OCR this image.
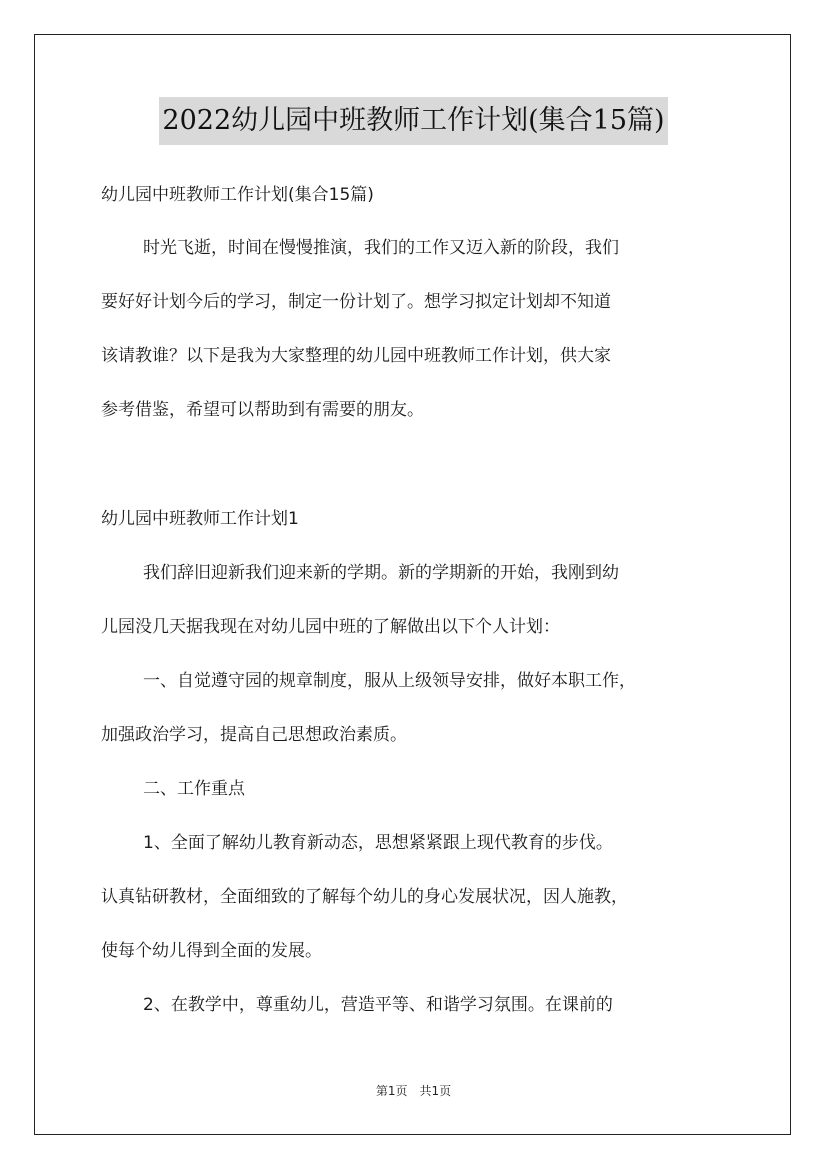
2022幼儿园中班教师工作计划(集合15篇)
幼儿园中班教师工作计划(集合15篇)
时光飞逝，时间在慢慢推演，我们的工作又迈入新的阶段，我们
要好好计划今后的学习，制定一份计划了。想学习拟定计划却不知道
该请教谁？以下是我为大家整理的幼儿园中班教师工作计划，供大家
参考借鉴，希望可以帮助到有需要的朋友。
幼儿园中班教师工作计划1
我们辞旧迎新我们迎来新的学期。新的学期新的开始，我刚到幼
儿园没几天据我现在对幼儿园中班的了解做出以下个人计划：
一、自觉遵守园的规章制度，服从上级领导安排，做好本职工作，
加强政治学习，提高自己思想政治素质。
二、工作重点
1、全面了解幼儿教育新动态，思想紧紧跟上现代教育的步伐。
认真钻研教材，全面细致的了解每个幼儿的身心发展状况，因人施教，
使每个幼儿得到全面的发展。
2、在教学中，尊重幼儿，营造平等、和谐学习氛围。在课前的
第1页 共1页
